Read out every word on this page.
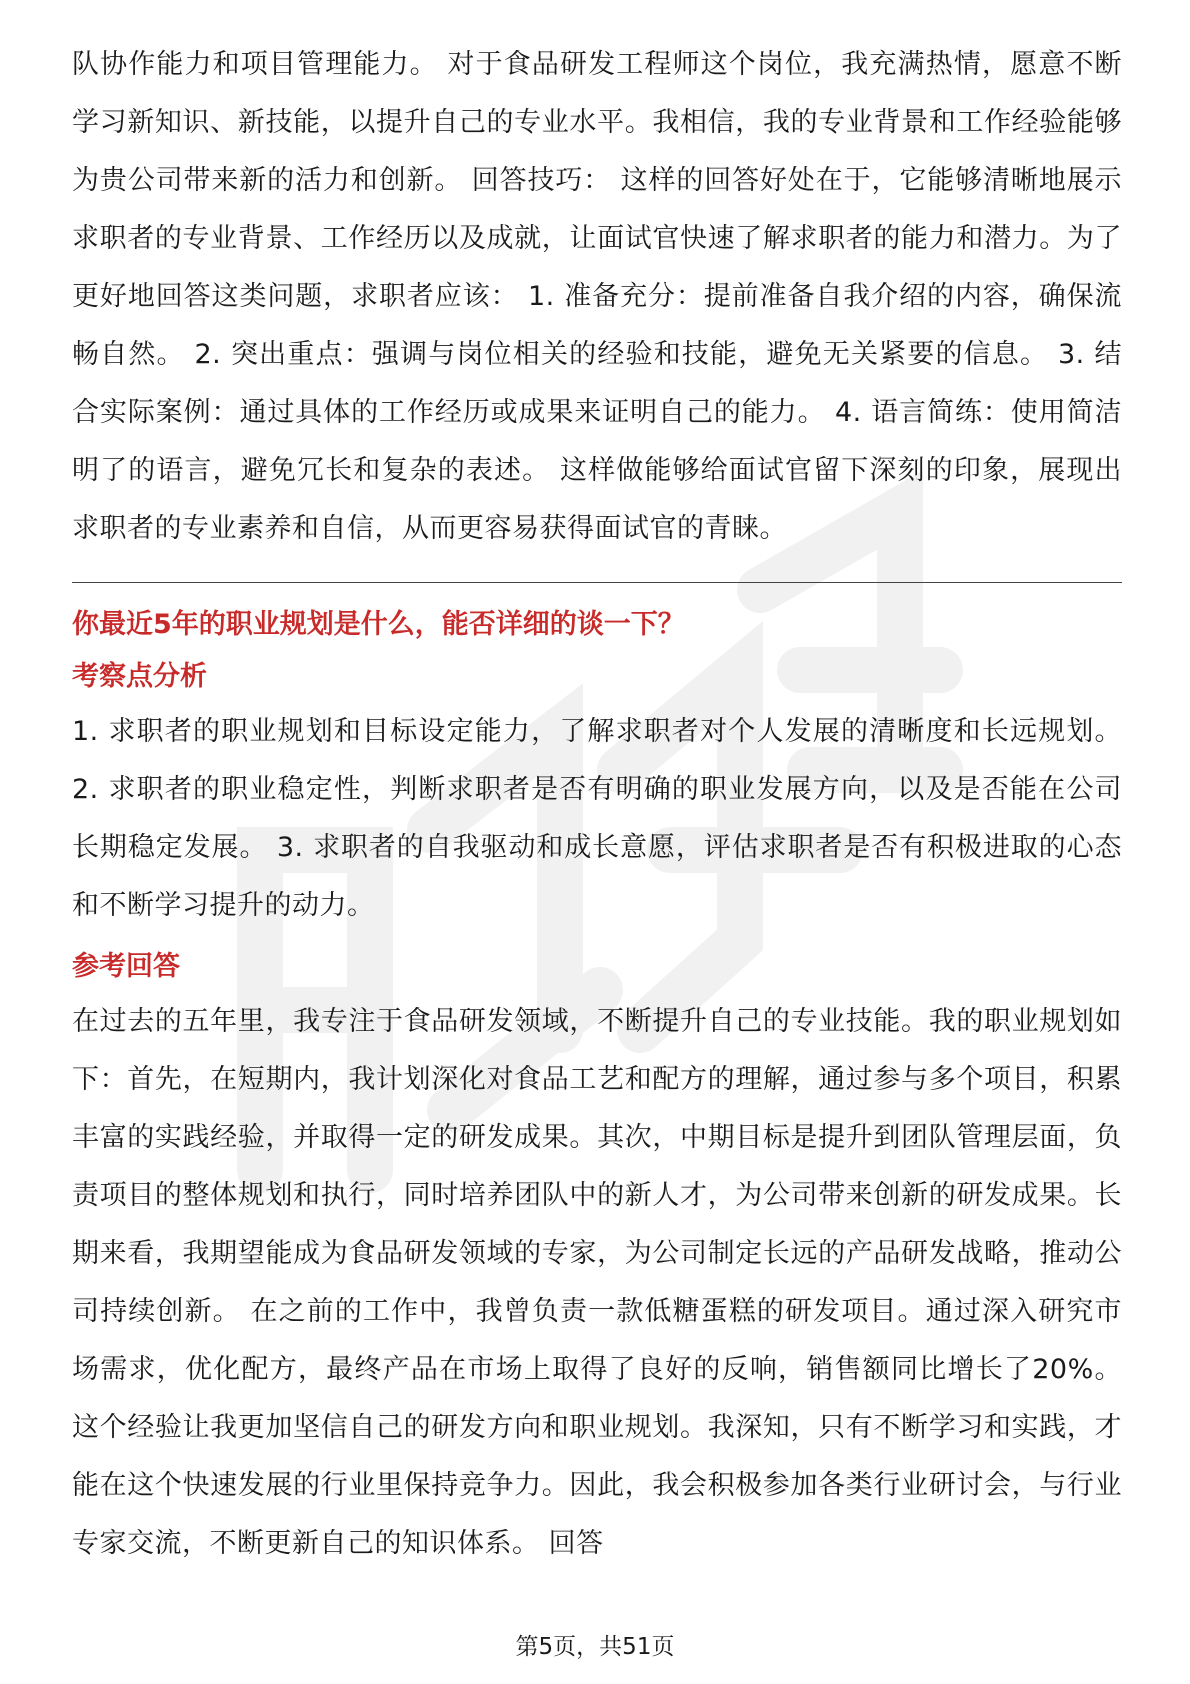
队协作能力和项目管理能力。 对于食品研发工程师这个岗位，我充满热情，愿意不断学习新知识、新技能，以提升自己的专业水平。我相信，我的专业背景和工作经验能够为贵公司带来新的活力和创新。 回答技巧： 这样的回答好处在于，它能够清晰地展示求职者的专业背景、工作经历以及成就，让面试官快速了解求职者的能力和潜力。为了更好地回答这类问题，求职者应该： 1. 准备充分：提前准备自我介绍的内容，确保流畅自然。 2. 突出重点：强调与岗位相关的经验和技能，避免无关紧要的信息。 3. 结合实际案例：通过具体的工作经历或成果来证明自己的能力。 4. 语言简练：使用简洁明了的语言，避免冗长和复杂的表述。 这样做能够给面试官留下深刻的印象，展现出求职者的专业素养和自信，从而更容易获得面试官的青睐。

你最近5年的职业规划是什么，能否详细的谈一下？

考察点分析

1. 求职者的职业规划和目标设定能力，了解求职者对个人发展的清晰度和长远规划。 2. 求职者的职业稳定性，判断求职者是否有明确的职业发展方向，以及是否能在公司长期稳定发展。 3. 求职者的自我驱动和成长意愿，评估求职者是否有积极进取的心态和不断学习提升的动力。

参考回答

在过去的五年里，我专注于食品研发领域，不断提升自己的专业技能。我的职业规划如下：首先，在短期内，我计划深化对食品工艺和配方的理解，通过参与多个项目，积累丰富的实践经验，并取得一定的研发成果。其次，中期目标是提升到团队管理层面，负责项目的整体规划和执行，同时培养团队中的新人才，为公司带来创新的研发成果。长期来看，我期望能成为食品研发领域的专家，为公司制定长远的产品研发战略，推动公司持续创新。 在之前的工作中，我曾负责一款低糖蛋糕的研发项目。通过深入研究市场需求，优化配方，最终产品在市场上取得了良好的反响，销售额同比增长了20%。这个经验让我更加坚信自己的研发方向和职业规划。我深知，只有不断学习和实践，才能在这个快速发展的行业里保持竞争力。因此，我会积极参加各类行业研讨会，与行业专家交流，不断更新自己的知识体系。 回答

第5页，共51页
